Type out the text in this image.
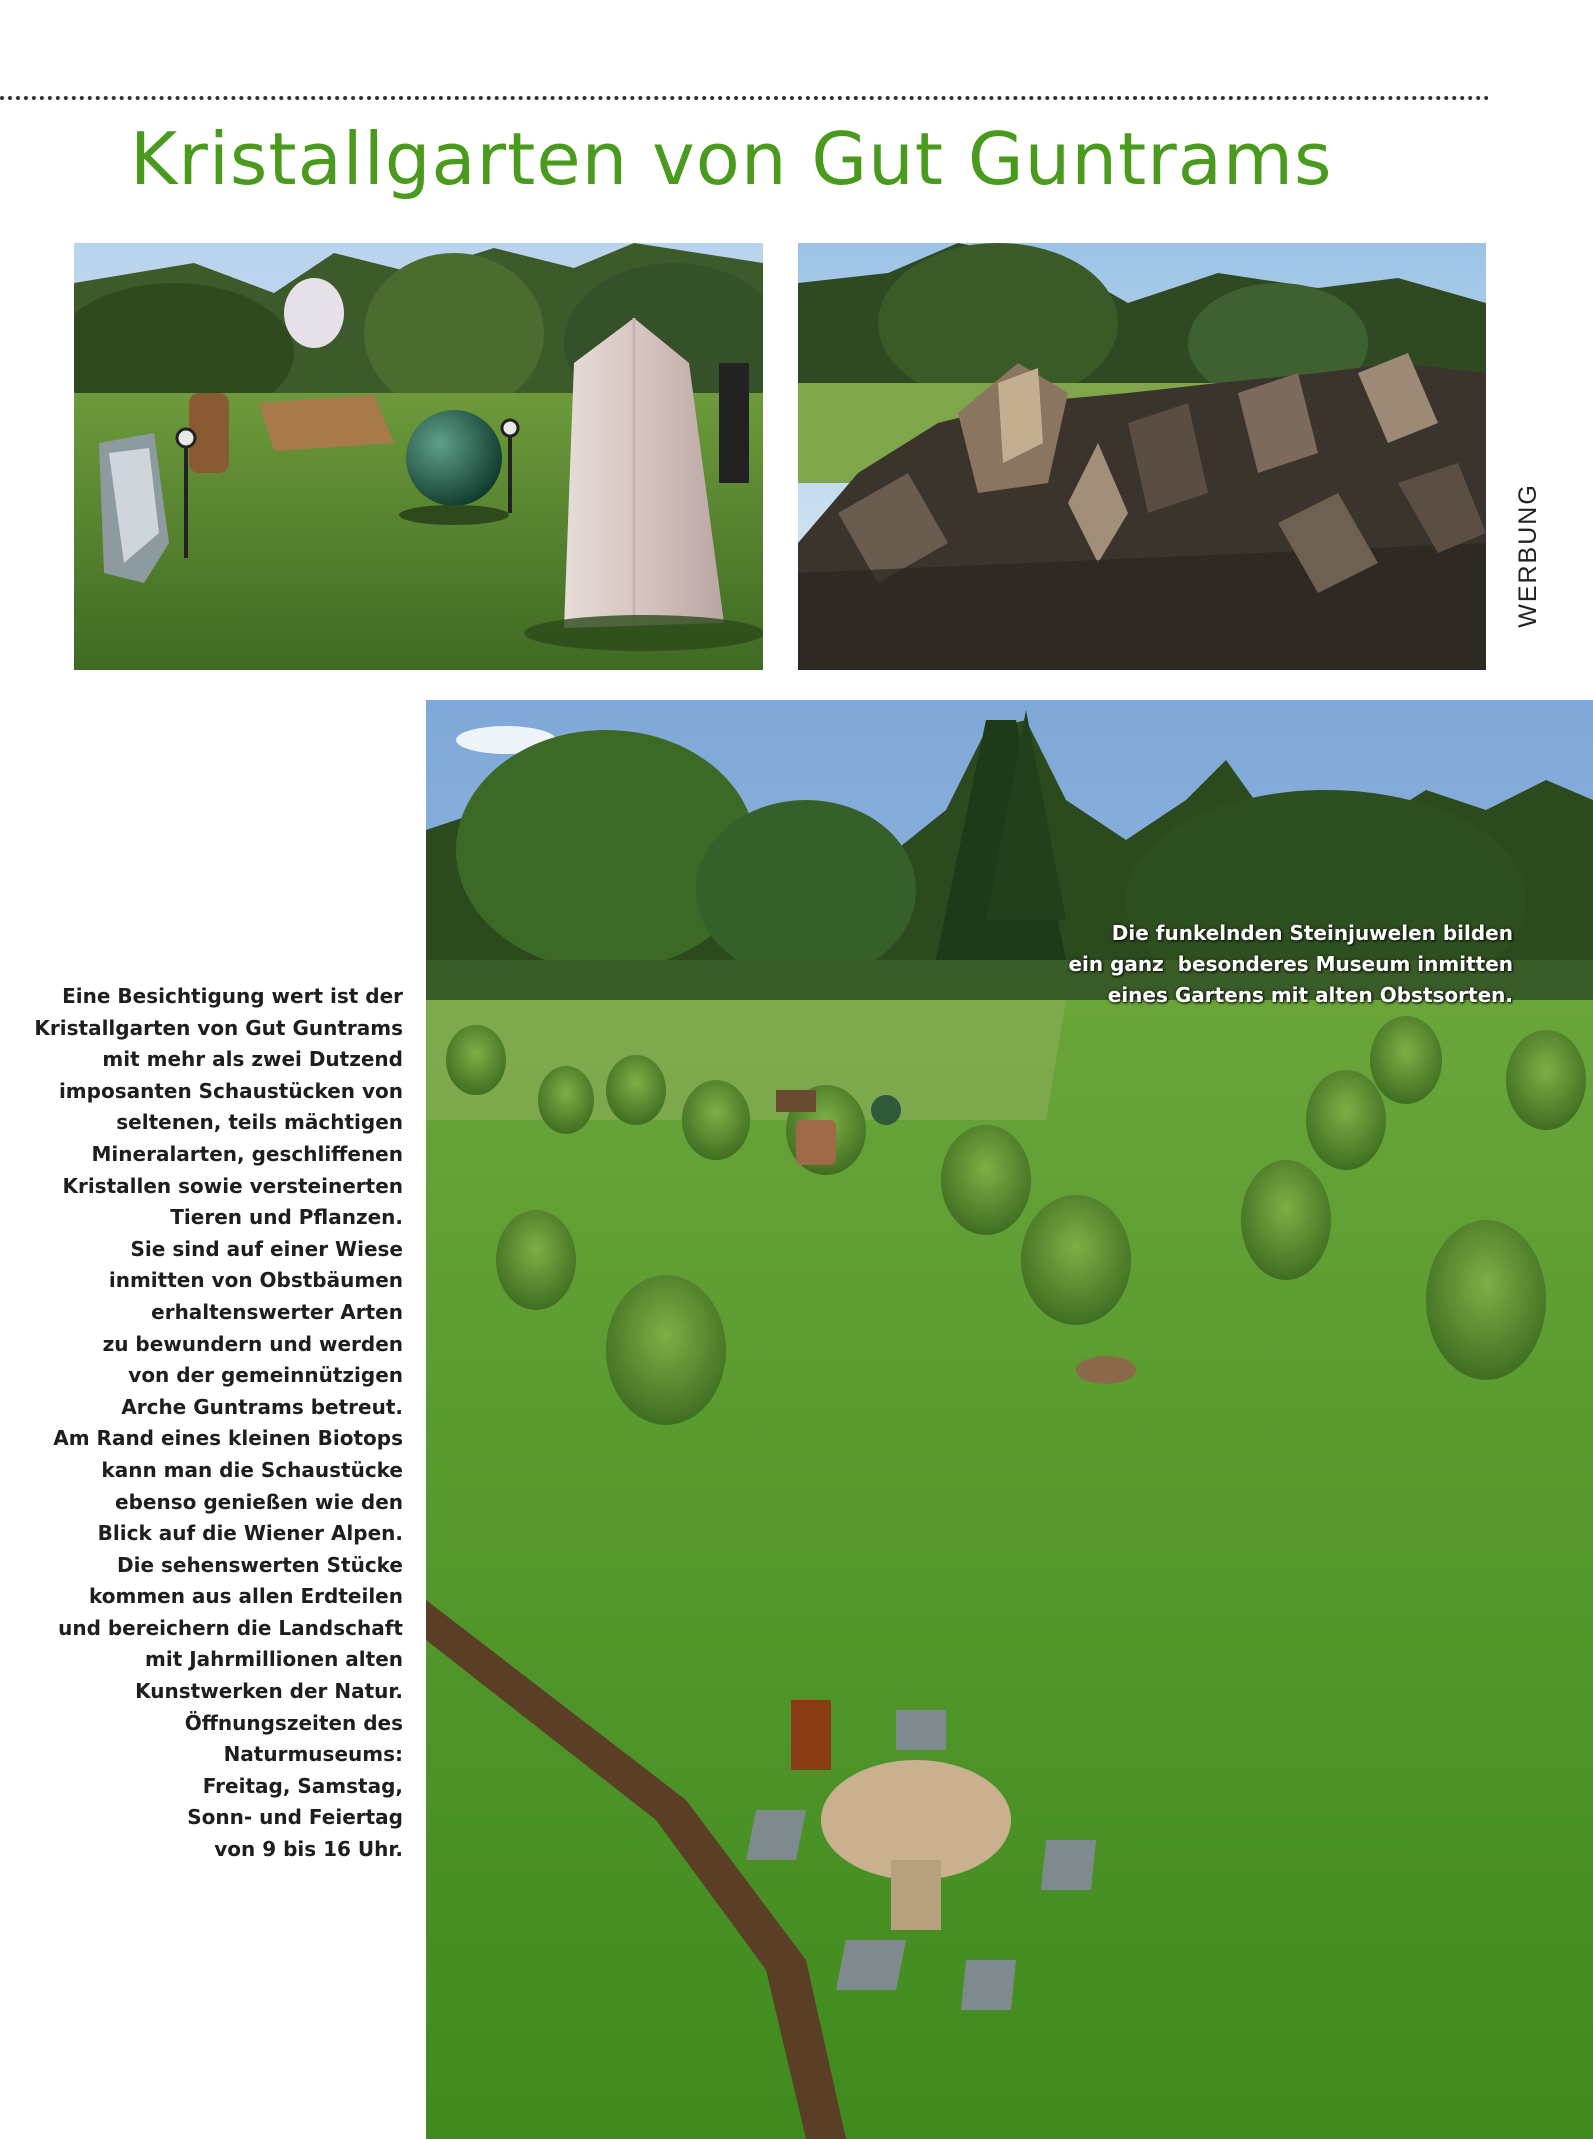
Kristallgarten von Gut Guntrams
WERBUNG
Die funkelnden Steinjuwelen bilden
ein ganz  besonderes Museum inmitten
eines Gartens mit alten Obstsorten.
Eine Besichtigung wert ist der
Kristallgarten von Gut Guntrams
mit mehr als zwei Dutzend
imposanten Schaustücken von
seltenen, teils mächtigen
Mineralarten, geschliffenen
Kristallen sowie versteinerten
Tieren und Pflanzen.
Sie sind auf einer Wiese
inmitten von Obstbäumen
erhaltenswerter Arten
zu bewundern und werden
von der gemeinnützigen
Arche Guntrams betreut.
Am Rand eines kleinen Biotops
kann man die Schaustücke
ebenso genießen wie den
Blick auf die Wiener Alpen.
Die sehenswerten Stücke
kommen aus allen Erdteilen
und bereichern die Landschaft
mit Jahrmillionen alten
Kunstwerken der Natur.
Öffnungszeiten des
Naturmuseums:
Freitag, Samstag,
Sonn- und Feiertag
von 9 bis 16 Uhr.
